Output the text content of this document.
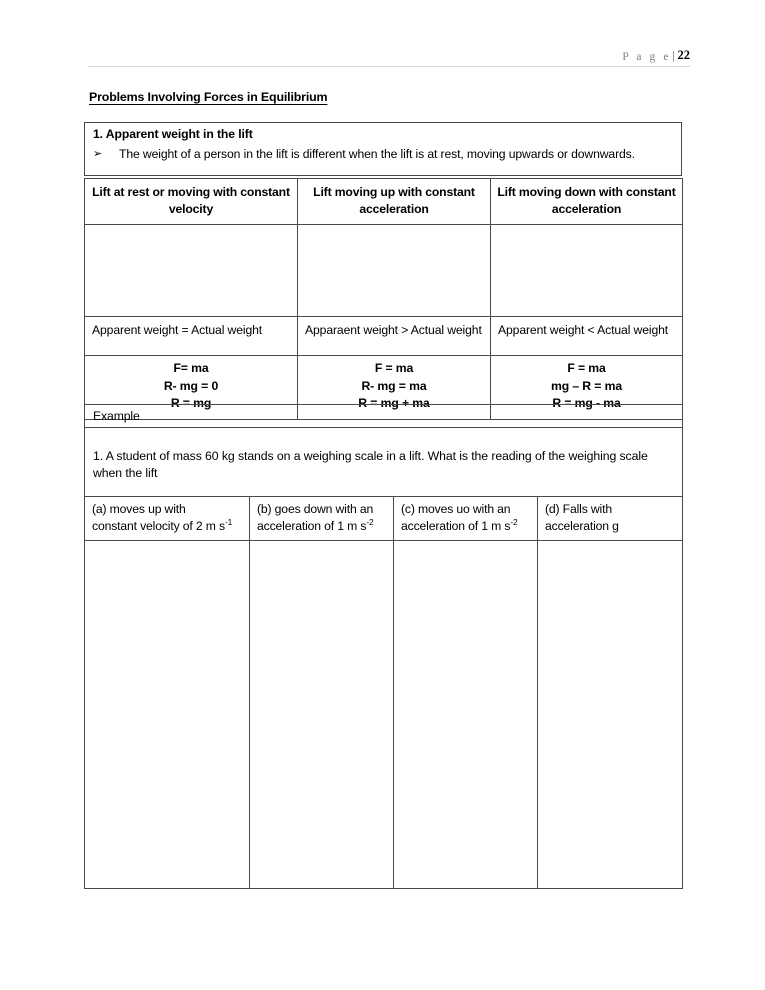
P a g e | 22
Problems Involving Forces in Equilibrium
1. Apparent weight in the lift
➢	The weight of a person in the lift is different when the lift is at rest, moving upwards or downwards.
Lift at rest or moving with constant velocity	Lift moving up with constant acceleration	Lift moving down with constant acceleration

Apparent weight = Actual weight	Apparaent weight > Actual weight	Apparent weight < Actual weight
F= ma
R- mg = 0
R = mg	F = ma
R- mg = ma
R = mg + ma	F = ma
mg – R = ma
R = mg - ma
Example			
1. A student of mass 60 kg stands on a weighing scale in a lift. What is the reading of the weighing scale when the lift			
(a) moves up with
constant velocity of 2 m $s^{-1}$	(b) goes down with an
acceleration of 1 m $s^{-2}$	(c) moves uo with an
acceleration of 1 m $s^{-2}$	(d) Falls with
acceleration g
